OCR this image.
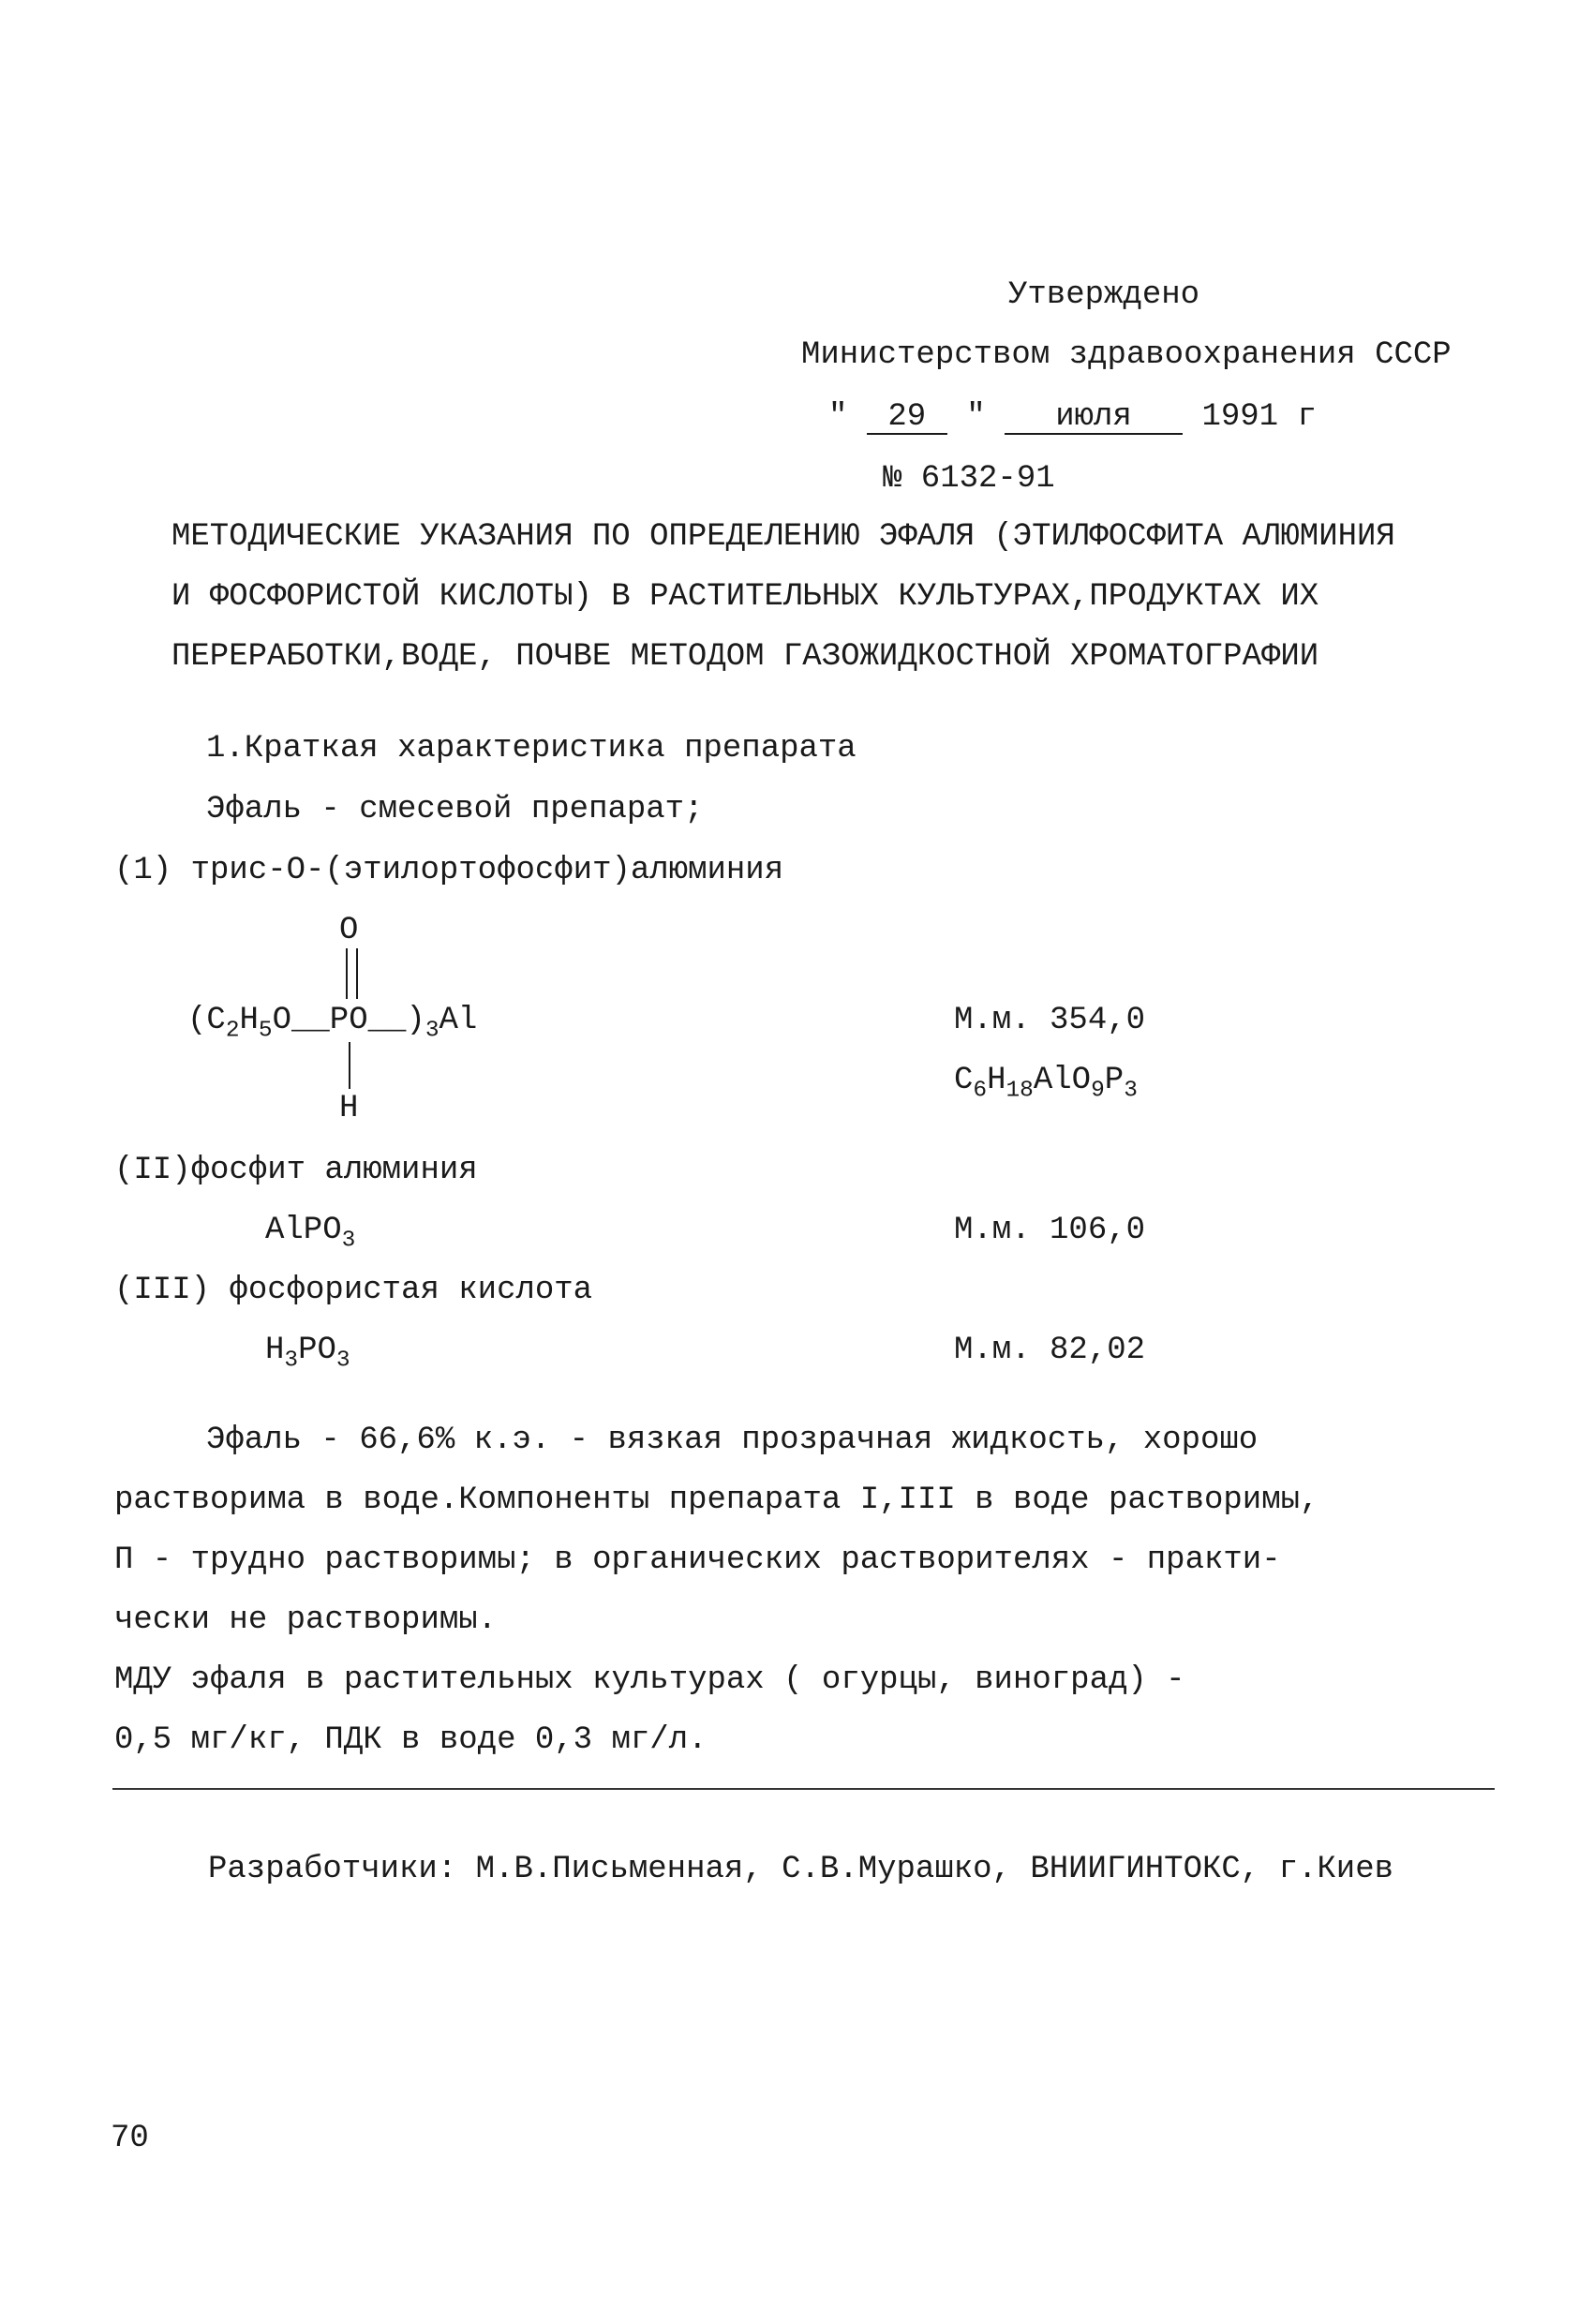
Утверждено
Министерством здравоохранения СССР
" 29 " июля 1991 г
№ 6132-91
МЕТОДИЧЕСКИЕ УКАЗАНИЯ ПО ОПРЕДЕЛЕНИЮ ЭФАЛЯ (ЭТИЛФОСФИТА АЛЮМИНИЯ
И ФОСФОРИСТОЙ КИСЛОТЫ) В РАСТИТЕЛЬНЫХ КУЛЬТУРАХ,ПРОДУКТАХ ИХ
ПЕРЕРАБОТКИ,ВОДЕ, ПОЧВЕ МЕТОДОМ ГАЗОЖИДКОСТНОЙ ХРОМАТОГРАФИИ
1.Краткая характеристика препарата
Эфаль - смесевой препарат;
(1) трис-О-(этилортофосфит)алюминия
O
$(C_2H_5O\_\_PO\_\_)_3Al$
H
М.м. 354,0
$C_6H_{18}AlO_9P_3$
(II)фосфит алюминия
AlPO$_3$	М.м. 106,0
(III) фосфористая кислота
$H_3PO_3$	М.м. 82,02
Эфаль - 66,6% к.э. - вязкая прозрачная жидкость, хорошо
растворима в воде.Компоненты препарата I,III в воде растворимы,
П - трудно растворимы; в органических растворителях - практи-
чески не растворимы.
МДУ эфаля в растительных культурах ( огурцы, виноград) -
0,5 мг/кг, ПДК в воде 0,3 мг/л.
Разработчики: М.В.Письменная, С.В.Мурашко, ВНИИГИНТОКС, г.Киев
70
